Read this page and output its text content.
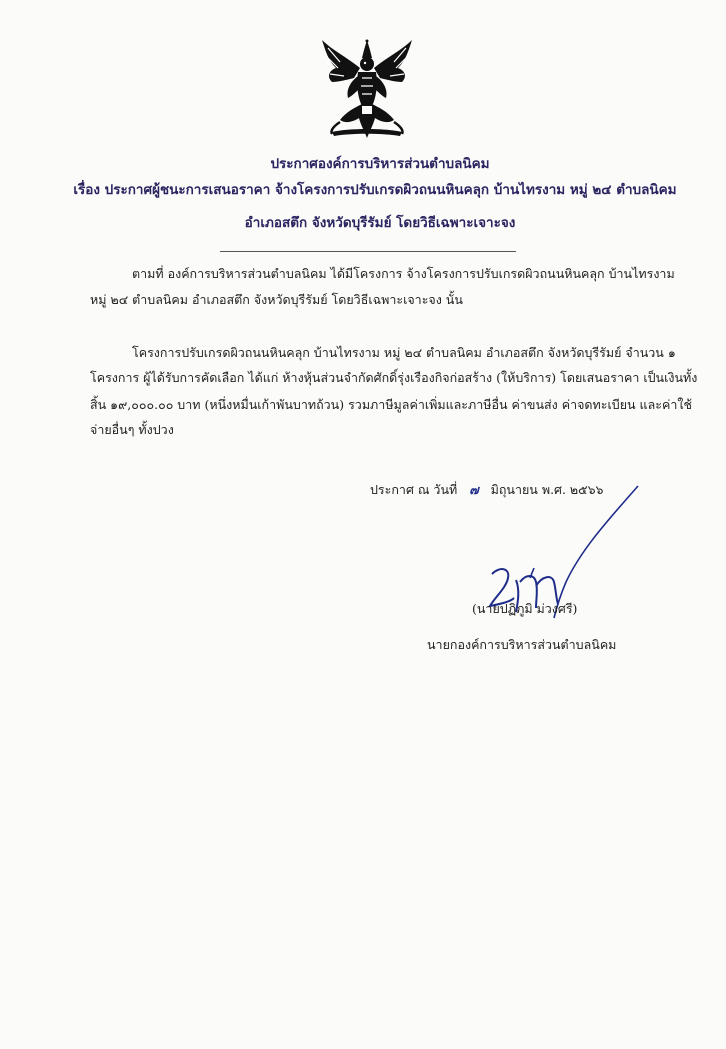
ประกาศองค์การบริหารส่วนตำบลนิคม
เรื่อง ประกาศผู้ชนะการเสนอราคา จ้างโครงการปรับเกรดผิวถนนหินคลุก บ้านไทรงาม หมู่ ๒๔ ตำบลนิคม
อำเภอสตึก จังหวัดบุรีรัมย์ โดยวิธีเฉพาะเจาะจง
ตามที่ องค์การบริหารส่วนตำบลนิคม ได้มีโครงการ จ้างโครงการปรับเกรดผิวถนนหินคลุก บ้านไทรงาม
หมู่ ๒๔ ตำบลนิคม อำเภอสตึก จังหวัดบุรีรัมย์ โดยวิธีเฉพาะเจาะจง นั้น
โครงการปรับเกรดผิวถนนหินคลุก บ้านไทรงาม หมู่ ๒๔ ตำบลนิคม อำเภอสตึก จังหวัดบุรีรัมย์ จำนวน ๑
โครงการ ผู้ได้รับการคัดเลือก ได้แก่ ห้างหุ้นส่วนจำกัดศักดิ์รุ่งเรืองกิจก่อสร้าง (ให้บริการ) โดยเสนอราคา เป็นเงินทั้ง
สิ้น ๑๙,๐๐๐.๐๐ บาท (หนึ่งหมื่นเก้าพันบาทถ้วน) รวมภาษีมูลค่าเพิ่มและภาษีอื่น ค่าขนส่ง ค่าจดทะเบียน และค่าใช้
จ่ายอื่นๆ ทั้งปวง
ประกาศ ณ วันที่ ๗ มิถุนายน พ.ศ. ๒๕๖๖
(นายปฏิภูมิ ม่วงศรี)
นายกองค์การบริหารส่วนตำบลนิคม
